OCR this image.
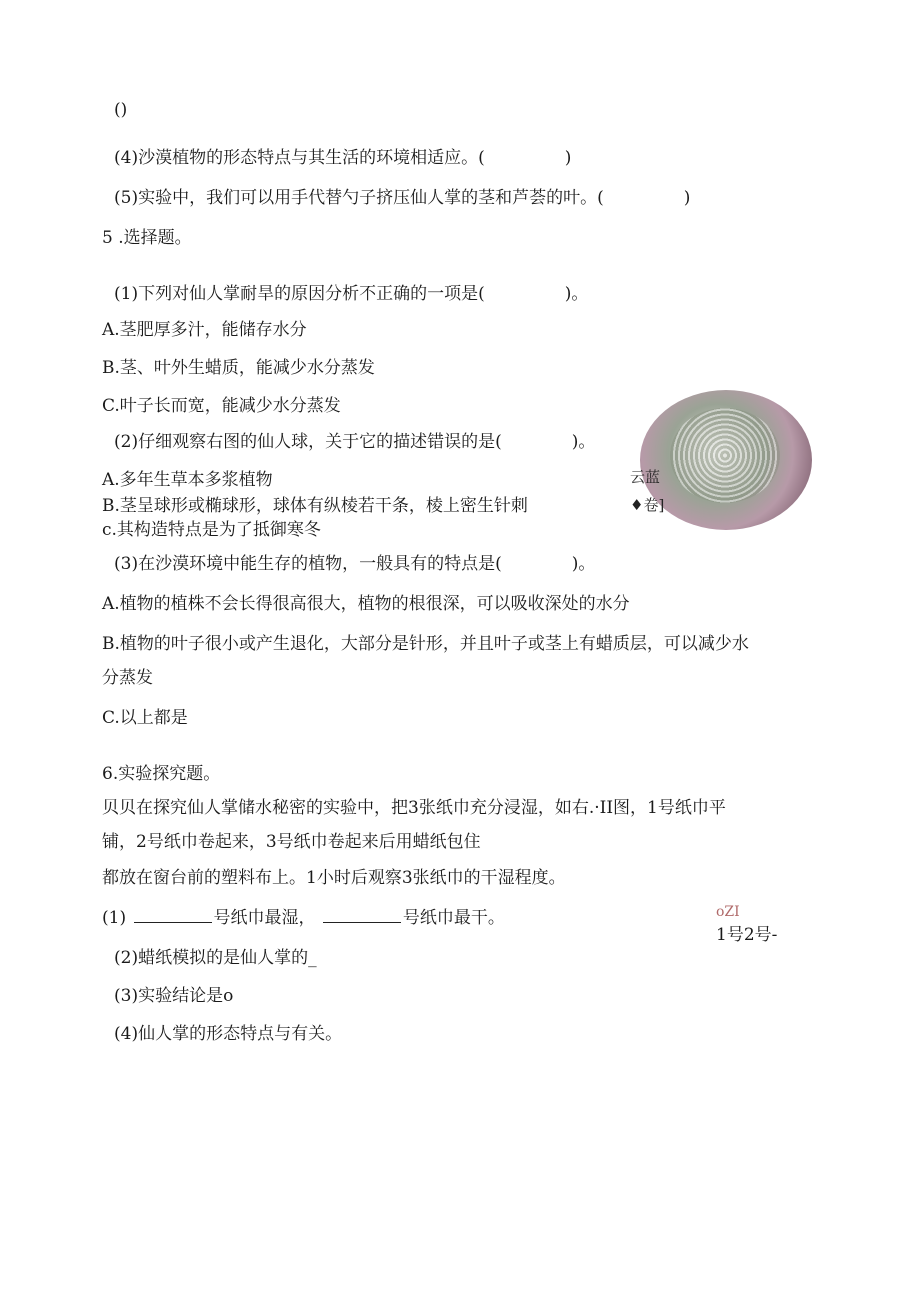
()
(4)沙漠植物的形态特点与其生活的环境相适应。(	)
(5)实验中，我们可以用手代替勺子挤压仙人掌的茎和芦荟的叶。(	)
5 .选择题。
(1)下列对仙人掌耐旱的原因分析不正确的一项是(	)。
A.茎肥厚多汁，能储存水分
B.茎、叶外生蜡质，能减少水分蒸发
C.叶子长而宽，能减少水分蒸发
(2)仔细观察右图的仙人球，关于它的描述错误的是(	)。
A.多年生草本多浆植物
B.茎呈球形或椭球形，球体有纵棱若干条，棱上密生针刺
c.其构造特点是为了抵御寒冬
云蓝
♦卷]
(3)在沙漠环境中能生存的植物，一般具有的特点是(	)。
A.植物的植株不会长得很高很大，植物的根很深，可以吸收深处的水分
B.植物的叶子很小或产生退化，大部分是针形，并且叶子或茎上有蜡质层，可以减少水
分蒸发
C.以上都是
6.实验探究题。
贝贝在探究仙人掌储水秘密的实验中，把3张纸巾充分浸湿，如右.·II图，1号纸巾平
铺，2号纸巾卷起来，3号纸巾卷起来后用蜡纸包住
都放在窗台前的塑料布上。1小时后观察3张纸巾的干湿程度。
(1)	号纸巾最湿，	号纸巾最干。	oZI
1号2号-
(2)蜡纸模拟的是仙人掌的_
(3)实验结论是o
(4)仙人掌的形态特点与有关。
